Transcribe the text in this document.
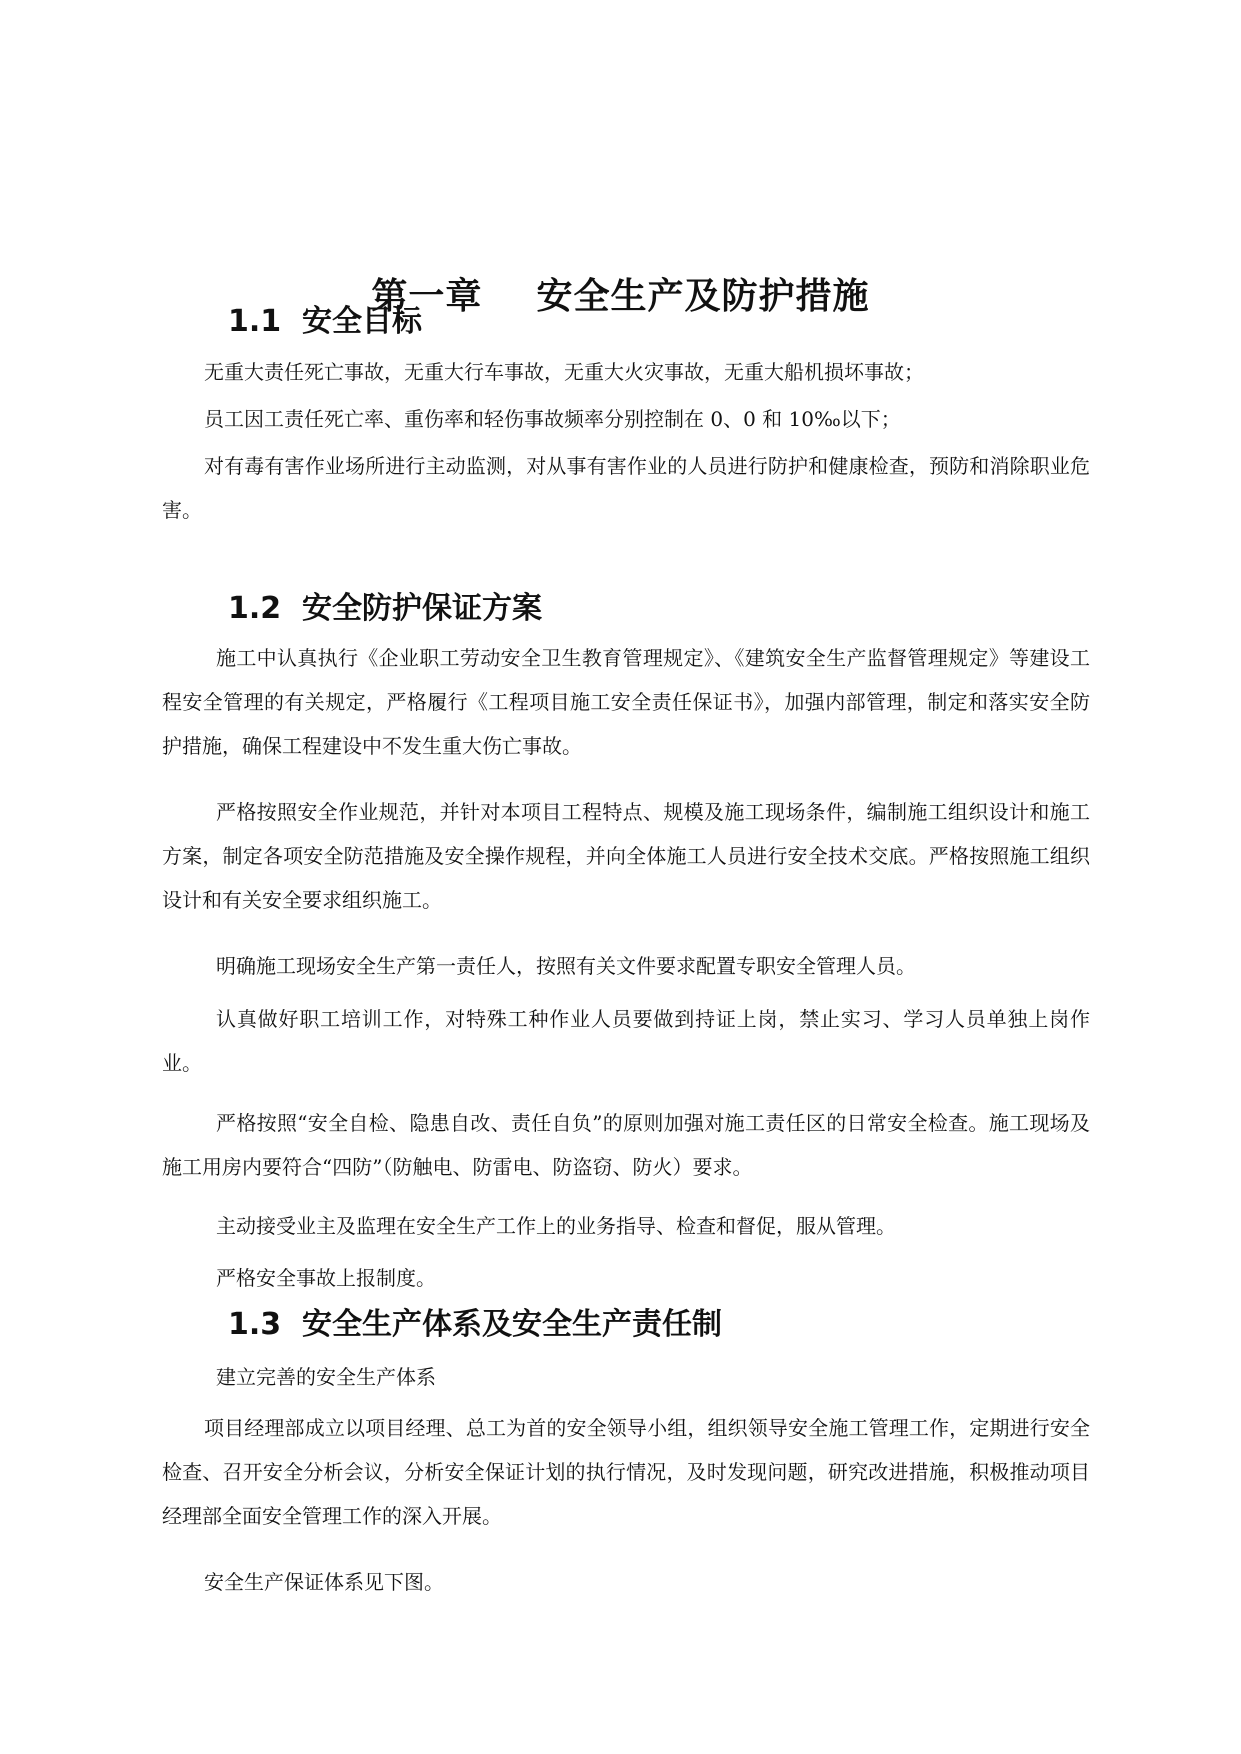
第一章    安全生产及防护措施
1.1  安全目标

无重大责任死亡事故，无重大行车事故，无重大火灾事故，无重大船机损坏事故；

员工因工责任死亡率、重伤率和轻伤事故频率分别控制在 0、0 和 10‰以下；

对有毒有害作业场所进行主动监测，对从事有害作业的人员进行防护和健康检查，预防和消除职业危害。

1.2  安全防护保证方案

施工中认真执行《企业职工劳动安全卫生教育管理规定》、《建筑安全生产监督管理规定》等建设工程安全管理的有关规定，严格履行《工程项目施工安全责任保证书》，加强内部管理，制定和落实安全防护措施，确保工程建设中不发生重大伤亡事故。

严格按照安全作业规范，并针对本项目工程特点、规模及施工现场条件，编制施工组织设计和施工方案，制定各项安全防范措施及安全操作规程，并向全体施工人员进行安全技术交底。严格按照施工组织设计和有关安全要求组织施工。

明确施工现场安全生产第一责任人，按照有关文件要求配置专职安全管理人员。

认真做好职工培训工作，对特殊工种作业人员要做到持证上岗，禁止实习、学习人员单独上岗作业。

严格按照“安全自检、隐患自改、责任自负”的原则加强对施工责任区的日常安全检查。施工现场及施工用房内要符合“四防”（防触电、防雷电、防盗窃、防火）要求。

主动接受业主及监理在安全生产工作上的业务指导、检查和督促，服从管理。

严格安全事故上报制度。

1.3  安全生产体系及安全生产责任制

建立完善的安全生产体系

项目经理部成立以项目经理、总工为首的安全领导小组，组织领导安全施工管理工作，定期进行安全检查、召开安全分析会议，分析安全保证计划的执行情况，及时发现问题，研究改进措施，积极推动项目经理部全面安全管理工作的深入开展。

安全生产保证体系见下图。
